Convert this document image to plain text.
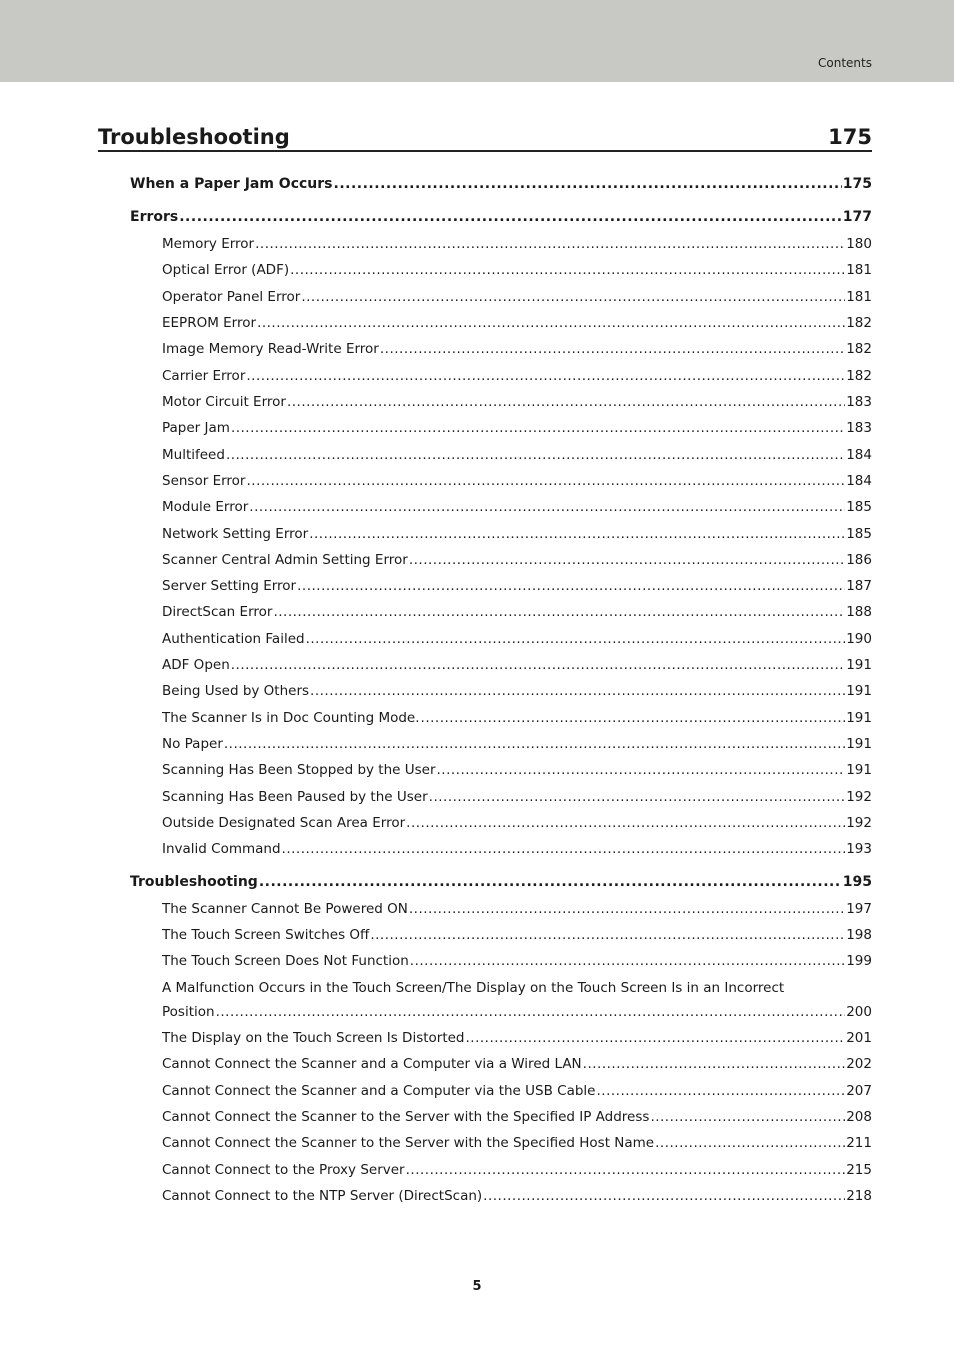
Contents
Troubleshooting	175
When a Paper Jam Occurs .....	175
Errors .....	177
Memory Error .....	180
Optical Error (ADF) .....	181
Operator Panel Error .....	181
EEPROM Error .....	182
Image Memory Read-Write Error .....	182
Carrier Error .....	182
Motor Circuit Error .....	183
Paper Jam .....	183
Multifeed .....	184
Sensor Error .....	184
Module Error .....	185
Network Setting Error .....	185
Scanner Central Admin Setting Error .....	186
Server Setting Error .....	187
DirectScan Error .....	188
Authentication Failed .....	190
ADF Open .....	191
Being Used by Others .....	191
The Scanner Is in Doc Counting Mode. .....	191
No Paper .....	191
Scanning Has Been Stopped by the User .....	191
Scanning Has Been Paused by the User .....	192
Outside Designated Scan Area Error .....	192
Invalid Command .....	193
Troubleshooting .....	195
The Scanner Cannot Be Powered ON .....	197
The Touch Screen Switches Off .....	198
The Touch Screen Does Not Function .....	199
A Malfunction Occurs in the Touch Screen/The Display on the Touch Screen Is in an Incorrect
Position .....	200
The Display on the Touch Screen Is Distorted .....	201
Cannot Connect the Scanner and a Computer via a Wired LAN .....	202
Cannot Connect the Scanner and a Computer via the USB Cable .....	207
Cannot Connect the Scanner to the Server with the Specified IP Address .....	208
Cannot Connect the Scanner to the Server with the Specified Host Name .....	211
Cannot Connect to the Proxy Server .....	215
Cannot Connect to the NTP Server (DirectScan) .....	218
5
